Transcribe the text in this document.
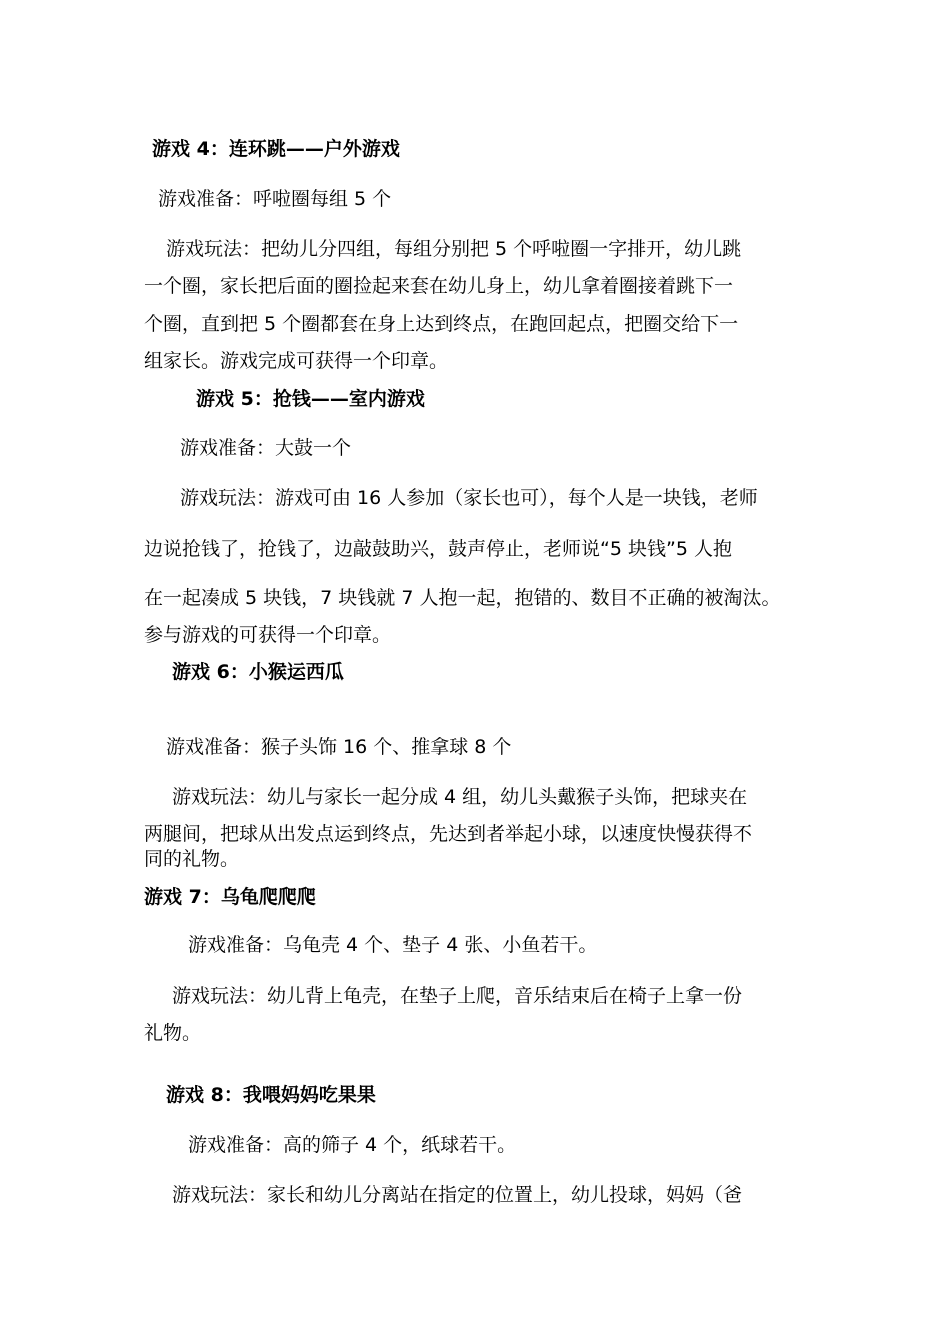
游戏 4：连环跳——户外游戏

游戏准备：呼啦圈每组 5 个

游戏玩法：把幼儿分四组，每组分别把 5 个呼啦圈一字排开，幼儿跳

一个圈，家长把后面的圈捡起来套在幼儿身上，幼儿拿着圈接着跳下一

个圈，直到把 5 个圈都套在身上达到终点，在跑回起点，把圈交给下一

组家长。游戏完成可获得一个印章。

游戏 5：抢钱——室内游戏

游戏准备：大鼓一个

游戏玩法：游戏可由 16 人参加（家长也可），每个人是一块钱，老师

边说抢钱了，抢钱了，边敲鼓助兴，鼓声停止，老师说“5 块钱”5 人抱

在一起凑成 5 块钱，7 块钱就 7 人抱一起，抱错的、数目不正确的被淘汰。

参与游戏的可获得一个印章。

游戏 6：小猴运西瓜

游戏准备：猴子头饰 16 个、推拿球 8 个

游戏玩法：幼儿与家长一起分成 4 组，幼儿头戴猴子头饰，把球夹在

两腿间，把球从出发点运到终点，先达到者举起小球，以速度快慢获得不

同的礼物。

游戏 7：乌龟爬爬爬

游戏准备：乌龟壳 4 个、垫子 4 张、小鱼若干。

游戏玩法：幼儿背上龟壳，在垫子上爬，音乐结束后在椅子上拿一份

礼物。

游戏 8：我喂妈妈吃果果

游戏准备：高的筛子 4 个，纸球若干。

游戏玩法：家长和幼儿分离站在指定的位置上，幼儿投球，妈妈（爸
